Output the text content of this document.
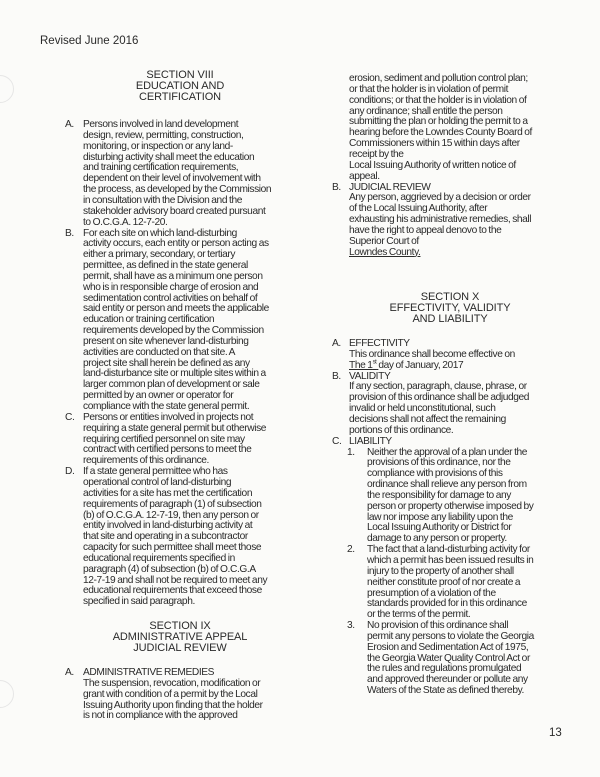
Revised June 2016
SECTION VIII
EDUCATION AND
CERTIFICATION
A. Persons involved in land development
design, review, permitting, construction,
monitoring, or inspection or any land-
disturbing activity shall meet the education
and training certification requirements,
dependent on their level of involvement with
the process, as developed by the Commission
in consultation with the Division and the
stakeholder advisory board created pursuant
to O.C.G.A. 12-7-20.
B. For each site on which land-disturbing
activity occurs, each entity or person acting as
either a primary, secondary, or tertiary
permittee, as defined in the state general
permit, shall have as a minimum one person
who is in responsible charge of erosion and
sedimentation control activities on behalf of
said entity or person and meets the applicable
education or training certification
requirements developed by the Commission
present on site whenever land-disturbing
activities are conducted on that site. A
project site shall herein be defined as any
land-disturbance site or multiple sites within a
larger common plan of development or sale
permitted by an owner or operator for
compliance with the state general permit.
C. Persons or entities involved in projects not
requiring a state general permit but otherwise
requiring certified personnel on site may
contract with certified persons to meet the
requirements of this ordinance.
D. If a state general permittee who has
operational control of land-disturbing
activities for a site has met the certification
requirements of paragraph (1) of subsection
(b) of O.C.G.A. 12-7-19, then any person or
entity involved in land-disturbing activity at
that site and operating in a subcontractor
capacity for such permittee shall meet those
educational requirements specified in
paragraph (4) of subsection (b) of O.C.G.A
12-7-19 and shall not be required to meet any
educational requirements that exceed those
specified in said paragraph.
SECTION IX
ADMINISTRATIVE APPEAL
JUDICIAL REVIEW
A. ADMINISTRATIVE REMEDIES
The suspension, revocation, modification or
grant with condition of a permit by the Local
Issuing Authority upon finding that the holder
is not in compliance with the approved
erosion, sediment and pollution control plan;
or that the holder is in violation of permit
conditions; or that the holder is in violation of
any ordinance; shall entitle the person
submitting the plan or holding the permit to a
hearing before the Lowndes County Board of
Commissioners within 15 within days after
receipt by the
Local Issuing Authority of written notice of
appeal.
B. JUDICIAL REVIEW
Any person, aggrieved by a decision or order
of the Local Issuing Authority, after
exhausting his administrative remedies, shall
have the right to appeal denovo to the
Superior Court of
Lowndes County.
SECTION X
EFFECTIVITY, VALIDITY
AND LIABILITY
A. EFFECTIVITY
This ordinance shall become effective on
The 1st day of January, 2017
B. VALIDITY
If any section, paragraph, clause, phrase, or
provision of this ordinance shall be adjudged
invalid or held unconstitutional, such
decisions shall not affect the remaining
portions of this ordinance.
C. LIABILITY
1. Neither the approval of a plan under the
provisions of this ordinance, nor the
compliance with provisions of this
ordinance shall relieve any person from
the responsibility for damage to any
person or property otherwise imposed by
law nor impose any liability upon the
Local Issuing Authority or District for
damage to any person or property.
2. The fact that a land-disturbing activity for
which a permit has been issued results in
injury to the property of another shall
neither constitute proof of nor create a
presumption of a violation of the
standards provided for in this ordinance
or the terms of the permit.
3. No provision of this ordinance shall
permit any persons to violate the Georgia
Erosion and Sedimentation Act of 1975,
the Georgia Water Quality Control Act or
the rules and regulations promulgated
and approved thereunder or pollute any
Waters of the State as defined thereby.
13
